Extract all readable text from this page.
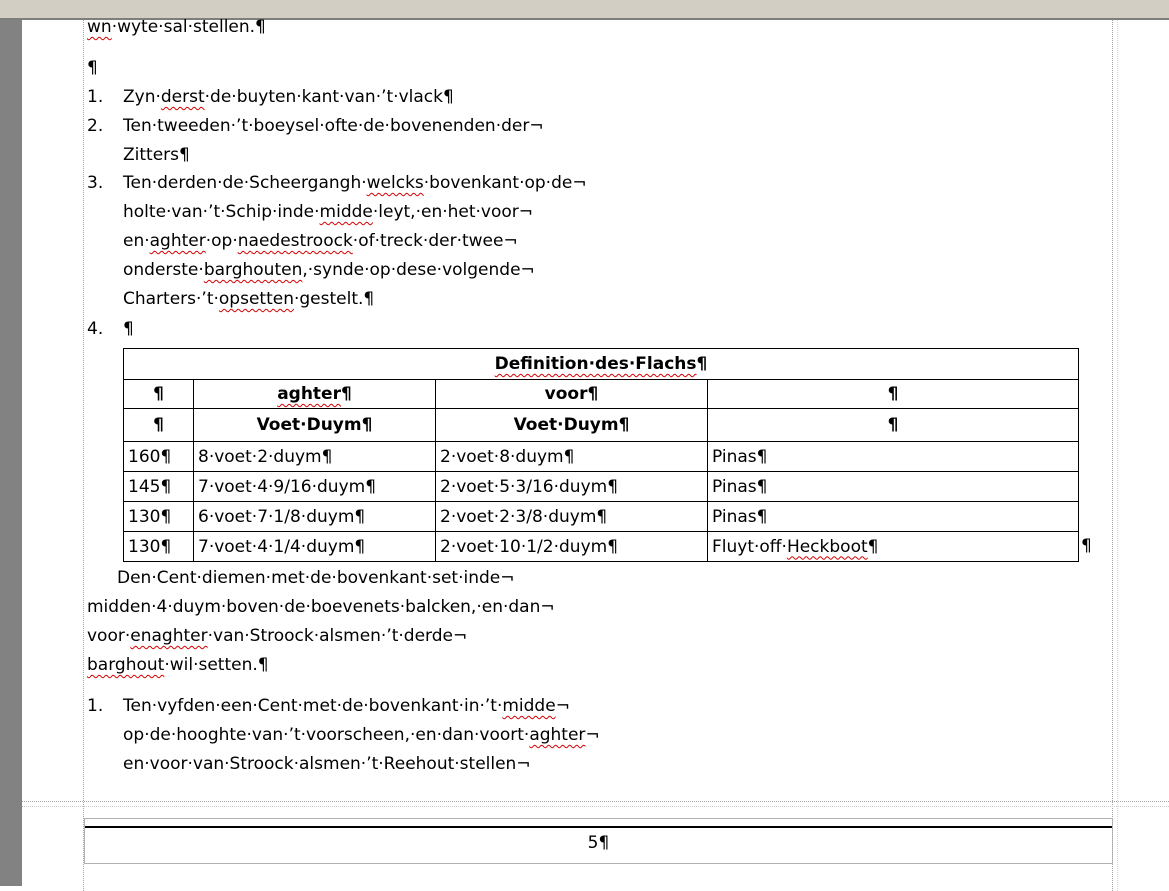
wn·wyte·sal·stellen.¶
¶
1.	Zyn·derst·de·buyten·kant·van·’t·vlack¶
2.	Ten·tweeden·’t·boeysel·ofte·de·bovenenden·der¬
Zitters¶
3.	Ten·derden·de·Scheergangh·welcks·bovenkant·op·de¬
holte·van·’t·Schip·inde·midde·leyt,·en·het·voor¬
en·aghter·op·naedestroock·of·treck·der·twee¬
onderste·barghouten,·synde·op·dese·volgende¬
Charters·’t·opsetten·gestelt.¶
4.	¶
Definition·des·Flachs¶			
¶	aghter¶	voor¶	¶
¶	Voet·Duym¶	Voet·Duym¶	¶
160¶	8·voet·2·duym¶	2·voet·8·duym¶	Pinas¶
145¶	7·voet·4·9/16·duym¶	2·voet·5·3/16·duym¶	Pinas¶
130¶	6·voet·7·1/8·duym¶	2·voet·2·3/8·duym¶	Pinas¶
130¶	7·voet·4·1/4·duym¶	2·voet·10·1/2·duym¶	Fluyt·off·Heckboot¶	¶
Den·Cent·diemen·met·de·bovenkant·set·inde¬
midden·4·duym·boven·de·boevenets·balcken,·en·dan¬
voor·enaghter·van·Stroock·alsmen·’t·derde¬
barghout·wil·setten.¶
1.	Ten·vyfden·een·Cent·met·de·bovenkant·in·’t·midde¬
op·de·hooghte·van·’t·voorscheen,·en·dan·voort·aghter¬
en·voor·van·Stroock·alsmen·’t·Reehout·stellen¬
5¶
